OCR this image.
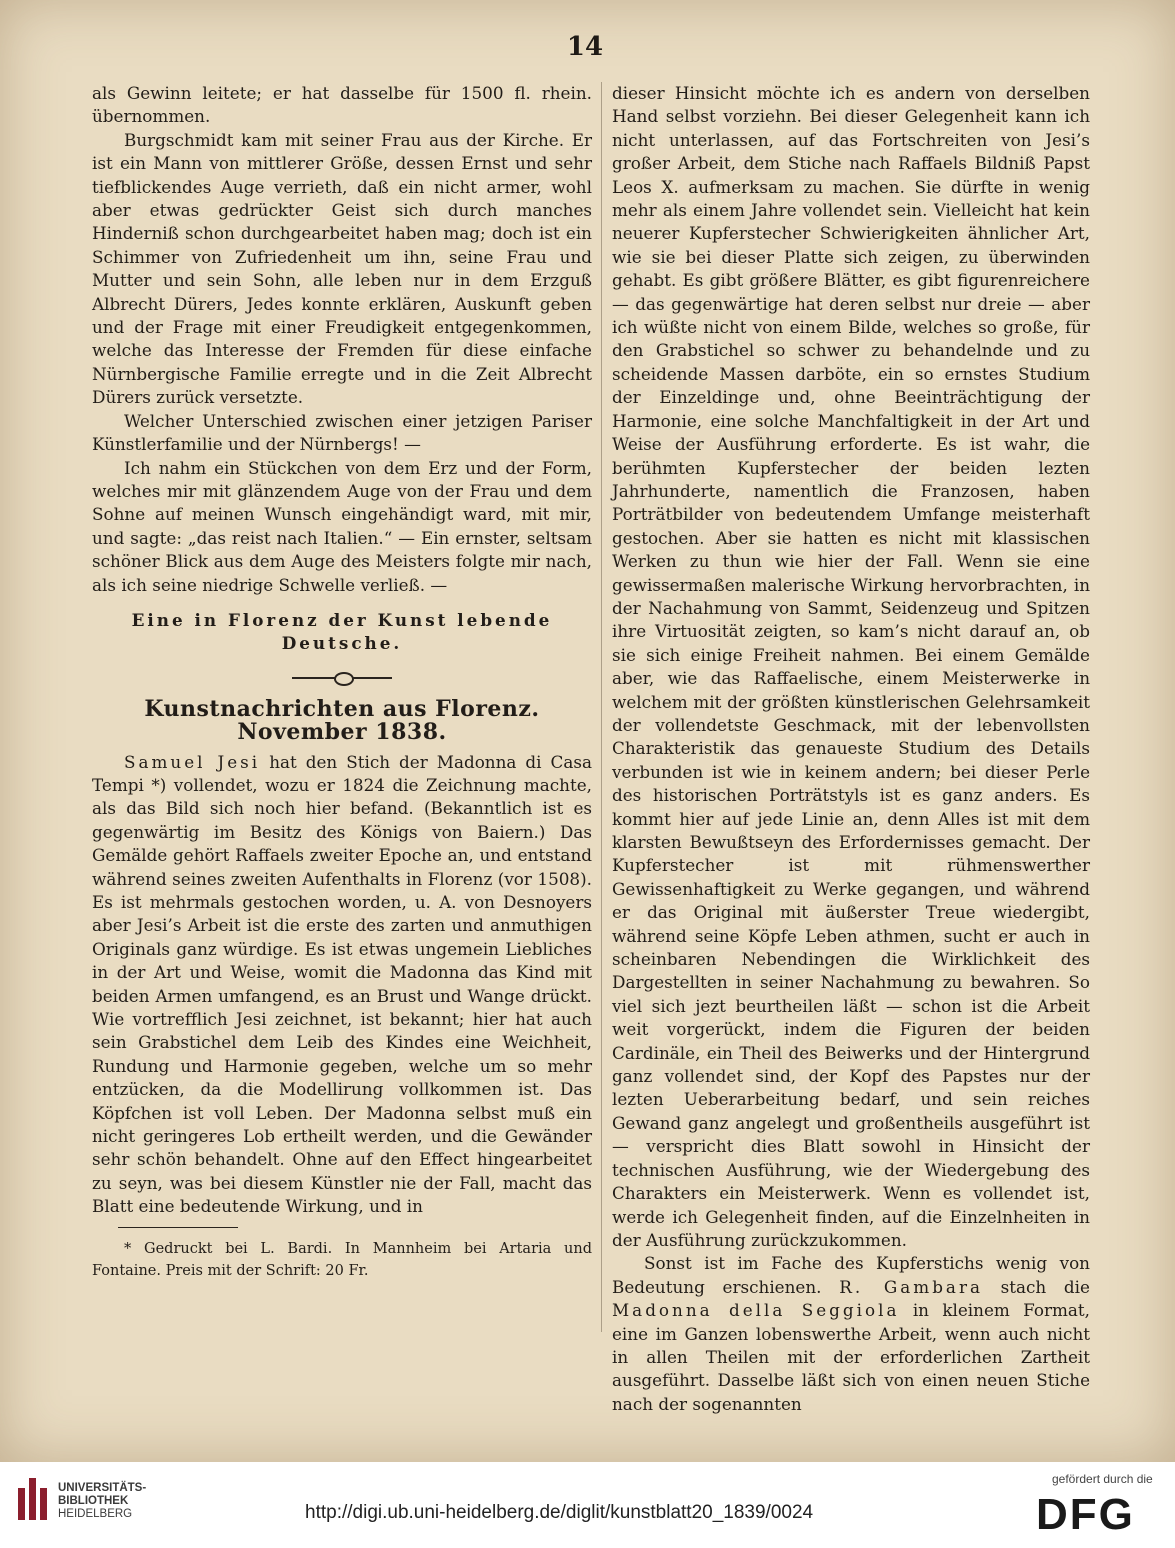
14

als Gewinn leitete; er hat dasselbe für 1500 fl. rhein. übernommen.

Burgschmidt kam mit seiner Frau aus der Kirche. Er ist ein Mann von mittlerer Größe, dessen Ernst und sehr tiefblickendes Auge verrieth, daß ein nicht armer, wohl aber etwas gedrückter Geist sich durch manches Hinderniß schon durchgearbeitet haben mag; doch ist ein Schimmer von Zufriedenheit um ihn, seine Frau und Mutter und sein Sohn, alle leben nur in dem Erzguß Albrecht Dürers, Jedes konnte erklären, Auskunft geben und der Frage mit einer Freudigkeit entgegenkommen, welche das Interesse der Fremden für diese einfache Nürnbergische Familie erregte und in die Zeit Albrecht Dürers zurück versetzte.

Welcher Unterschied zwischen einer jetzigen Pariser Künstlerfamilie und der Nürnbergs! —

Ich nahm ein Stückchen von dem Erz und der Form, welches mir mit glänzendem Auge von der Frau und dem Sohne auf meinen Wunsch eingehändigt ward, mit mir, und sagte: „das reist nach Italien.“ — Ein ernster, seltsam schöner Blick aus dem Auge des Meisters folgte mir nach, als ich seine niedrige Schwelle verließ. —

Eine in Florenz der Kunst lebende Deutsche.

Kunstnachrichten aus Florenz. November 1838.

Samuel Jesi hat den Stich der Madonna di Casa Tempi *) vollendet, wozu er 1824 die Zeichnung machte, als das Bild sich noch hier befand. (Bekanntlich ist es gegenwärtig im Besitz des Königs von Baiern.) Das Gemälde gehört Raffaels zweiter Epoche an, und entstand während seines zweiten Aufenthalts in Florenz (vor 1508). Es ist mehrmals gestochen worden, u. A. von Desnoyers aber Jesi’s Arbeit ist die erste des zarten und anmuthigen Originals ganz würdige. Es ist etwas ungemein Liebliches in der Art und Weise, womit die Madonna das Kind mit beiden Armen umfangend, es an Brust und Wange drückt. Wie vortrefflich Jesi zeichnet, ist bekannt; hier hat auch sein Grabstichel dem Leib des Kindes eine Weichheit, Rundung und Harmonie gegeben, welche um so mehr entzücken, da die Modellirung vollkommen ist. Das Köpfchen ist voll Leben. Der Madonna selbst muß ein nicht geringeres Lob ertheilt werden, und die Gewänder sehr schön behandelt. Ohne auf den Effect hingearbeitet zu seyn, was bei diesem Künstler nie der Fall, macht das Blatt eine bedeutende Wirkung, und in

* Gedruckt bei L. Bardi. In Mannheim bei Artaria und Fontaine. Preis mit der Schrift: 20 Fr.

dieser Hinsicht möchte ich es andern von derselben Hand selbst vorziehn. Bei dieser Gelegenheit kann ich nicht unterlassen, auf das Fortschreiten von Jesi’s großer Arbeit, dem Stiche nach Raffaels Bildniß Papst Leos X. aufmerksam zu machen. Sie dürfte in wenig mehr als einem Jahre vollendet sein. Vielleicht hat kein neuerer Kupferstecher Schwierigkeiten ähnlicher Art, wie sie bei dieser Platte sich zeigen, zu überwinden gehabt. Es gibt größere Blätter, es gibt figurenreichere — das gegenwärtige hat deren selbst nur dreie — aber ich wüßte nicht von einem Bilde, welches so große, für den Grabstichel so schwer zu behandelnde und zu scheidende Massen darböte, ein so ernstes Studium der Einzeldinge und, ohne Beeinträchtigung der Harmonie, eine solche Manchfaltigkeit in der Art und Weise der Ausführung erforderte. Es ist wahr, die berühmten Kupferstecher der beiden lezten Jahrhunderte, namentlich die Franzosen, haben Porträtbilder von bedeutendem Umfange meisterhaft gestochen. Aber sie hatten es nicht mit klassischen Werken zu thun wie hier der Fall. Wenn sie eine gewissermaßen malerische Wirkung hervorbrachten, in der Nachahmung von Sammt, Seidenzeug und Spitzen ihre Virtuosität zeigten, so kam’s nicht darauf an, ob sie sich einige Freiheit nahmen. Bei einem Gemälde aber, wie das Raffaelische, einem Meisterwerke in welchem mit der größten künstlerischen Gelehrsamkeit der vollendetste Geschmack, mit der lebenvollsten Charakteristik das genaueste Studium des Details verbunden ist wie in keinem andern; bei dieser Perle des historischen Porträtstyls ist es ganz anders. Es kommt hier auf jede Linie an, denn Alles ist mit dem klarsten Bewußtseyn des Erfordernisses gemacht. Der Kupferstecher ist mit rühmenswerther Gewissenhaftigkeit zu Werke gegangen, und während er das Original mit äußerster Treue wiedergibt, während seine Köpfe Leben athmen, sucht er auch in scheinbaren Nebendingen die Wirklichkeit des Dargestellten in seiner Nachahmung zu bewahren. So viel sich jezt beurtheilen läßt — schon ist die Arbeit weit vorgerückt, indem die Figuren der beiden Cardinäle, ein Theil des Beiwerks und der Hintergrund ganz vollendet sind, der Kopf des Papstes nur der lezten Ueberarbeitung bedarf, und sein reiches Gewand ganz angelegt und großentheils ausgeführt ist — verspricht dies Blatt sowohl in Hinsicht der technischen Ausführung, wie der Wiedergebung des Charakters ein Meisterwerk. Wenn es vollendet ist, werde ich Gelegenheit finden, auf die Einzelnheiten in der Ausführung zurückzukommen.

Sonst ist im Fache des Kupferstichs wenig von Bedeutung erschienen. R. Gambara stach die Madonna della Seggiola in kleinem Format, eine im Ganzen lobenswerthe Arbeit, wenn auch nicht in allen Theilen mit der erforderlichen Zartheit ausgeführt. Dasselbe läßt sich von einen neuen Stiche nach der sogenannten

UNIVERSITÄTS-
BIBLIOTHEK
HEIDELBERG	http://digi.ub.uni-heidelberg.de/diglit/kunstblatt20_1839/0024
gefördert durch die
DFG
